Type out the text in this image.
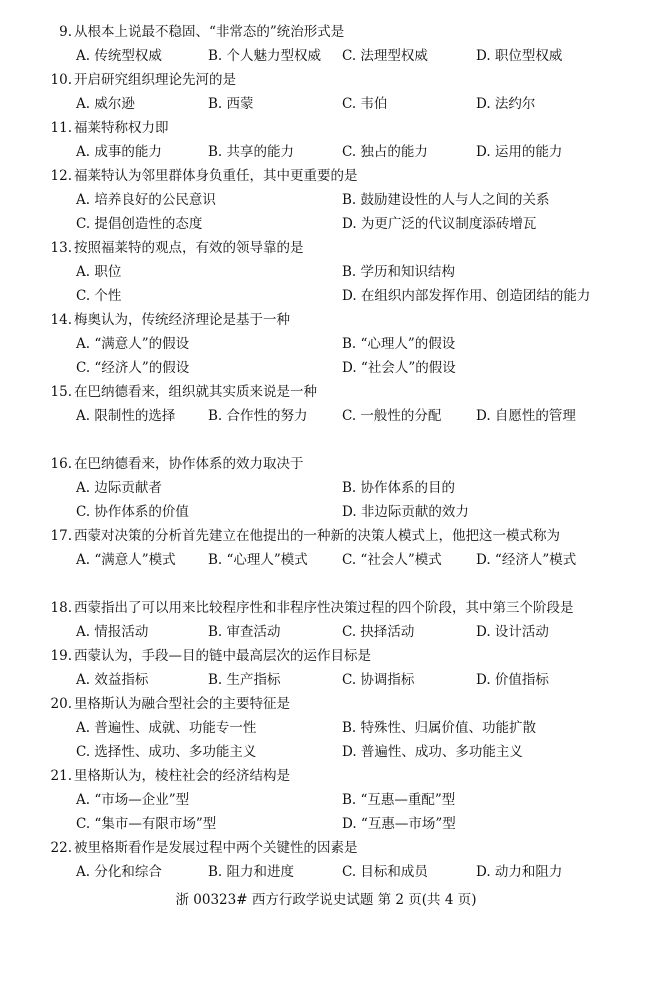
9. 从根本上说最不稳固、“非常态的”统治形式是
A. 传统型权威	B. 个人魅力型权威 C. 法理型权威	D. 职位型权威
10. 开启研究组织理论先河的是
A. 威尔逊	B. 西蒙	C. 韦伯	D. 法约尔
11. 福莱特称权力即
A. 成事的能力	B. 共享的能力	C. 独占的能力	D. 运用的能力
12. 福莱特认为邻里群体身负重任，其中更重要的是
A. 培养良好的公民意识	B. 鼓励建设性的人与人之间的关系
C. 提倡创造性的态度	D. 为更广泛的代议制度添砖增瓦
13. 按照福莱特的观点，有效的领导靠的是
A. 职位	B. 学历和知识结构
C. 个性	D. 在组织内部发挥作用、创造团结的能力
14. 梅奥认为，传统经济理论是基于一种
A. “满意人”的假设	B. “心理人”的假设
C. “经济人”的假设	D. “社会人”的假设
15. 在巴纳德看来，组织就其实质来说是一种
A. 限制性的选择 B. 合作性的努力	C. 一般性的分配	D. 自愿性的管理
16. 在巴纳德看来，协作体系的效力取决于
A. 边际贡献者	B. 协作体系的目的
C. 协作体系的价值	D. 非边际贡献的效力
17. 西蒙对决策的分析首先建立在他提出的一种新的决策人模式上，他把这一模式称为
A. “满意人”模式 B. “心理人”模式	C. “社会人”模式	D. “经济人”模式
18. 西蒙指出了可以用来比较程序性和非程序性决策过程的四个阶段，其中第三个阶段是
A. 情报活动	B. 审查活动	C. 抉择活动	D. 设计活动
19. 西蒙认为，手段—目的链中最高层次的运作目标是
A. 效益指标	B. 生产指标	C. 协调指标	D. 价值指标
20. 里格斯认为融合型社会的主要特征是
A. 普遍性、成就、功能专一性	B. 特殊性、归属价值、功能扩散
C. 选择性、成功、多功能主义	D. 普遍性、成功、多功能主义
21. 里格斯认为，棱柱社会的经济结构是
A. “市场—企业”型	B. “互惠—重配”型
C. “集市—有限市场”型	D. “互惠—市场”型
22. 被里格斯看作是发展过程中两个关键性的因素是
A. 分化和综合	B. 阻力和进度	C. 目标和成员	D. 动力和阻力
浙 00323# 西方行政学说史试题 第 2 页(共 4 页)
